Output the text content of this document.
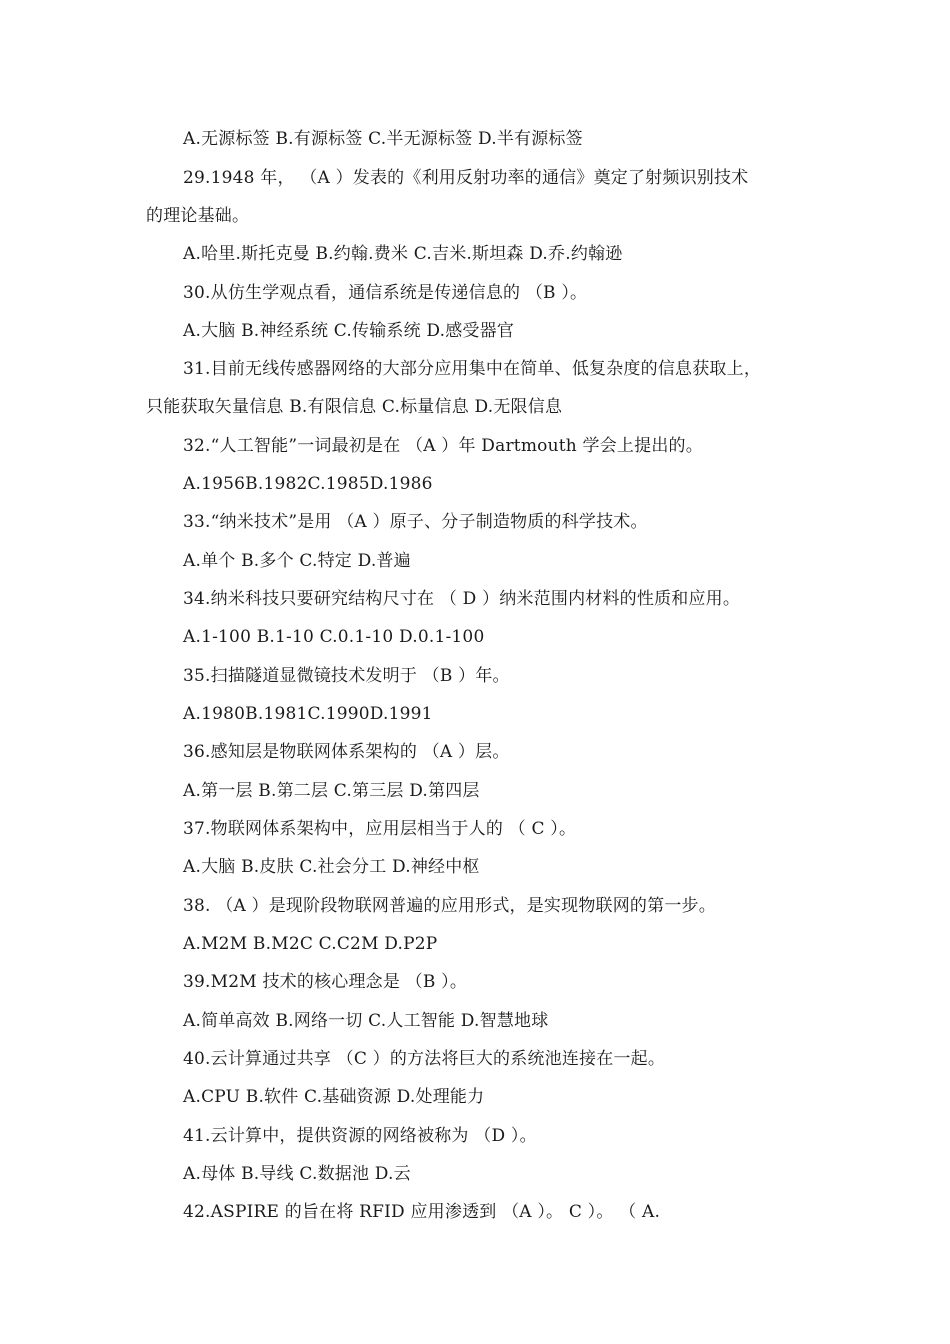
A.无源标签 B.有源标签 C.半无源标签 D.半有源标签
29.1948 年， （A ）发表的《利用反射功率的通信》奠定了射频识别技术
的理论基础。
A.哈里.斯托克曼 B.约翰.费米 C.吉米.斯坦森 D.乔.约翰逊
30.从仿生学观点看，通信系统是传递信息的 （B ）。
A.大脑 B.神经系统 C.传输系统 D.感受器官
31.目前无线传感器网络的大部分应用集中在简单、低复杂度的信息获取上，
只能获取矢量信息 B.有限信息 C.标量信息 D.无限信息
32.“人工智能”一词最初是在 （A ）年 Dartmouth 学会上提出的。
A.1956B.1982C.1985D.1986
33.“纳米技术”是用 （A ）原子、分子制造物质的科学技术。
A.单个 B.多个 C.特定 D.普遍
34.纳米科技只要研究结构尺寸在 （ D ）纳米范围内材料的性质和应用。
A.1-100 B.1-10 C.0.1-10 D.0.1-100
35.扫描隧道显微镜技术发明于 （B ）年。
A.1980B.1981C.1990D.1991
36.感知层是物联网体系架构的 （A ）层。
A.第一层 B.第二层 C.第三层 D.第四层
37.物联网体系架构中，应用层相当于人的 （ C ）。
A.大脑 B.皮肤 C.社会分工 D.神经中枢
38. （A ）是现阶段物联网普遍的应用形式，是实现物联网的第一步。
A.M2M B.M2C C.C2M D.P2P
39.M2M 技术的核心理念是 （B ）。
A.简单高效 B.网络一切 C.人工智能 D.智慧地球
40.云计算通过共享 （C ）的方法将巨大的系统池连接在一起。
A.CPU B.软件 C.基础资源 D.处理能力
41.云计算中，提供资源的网络被称为 （D ）。
A.母体 B.导线 C.数据池 D.云
42.ASPIRE 的旨在将 RFID 应用渗透到 （A ）。 C ）。 （ A.
